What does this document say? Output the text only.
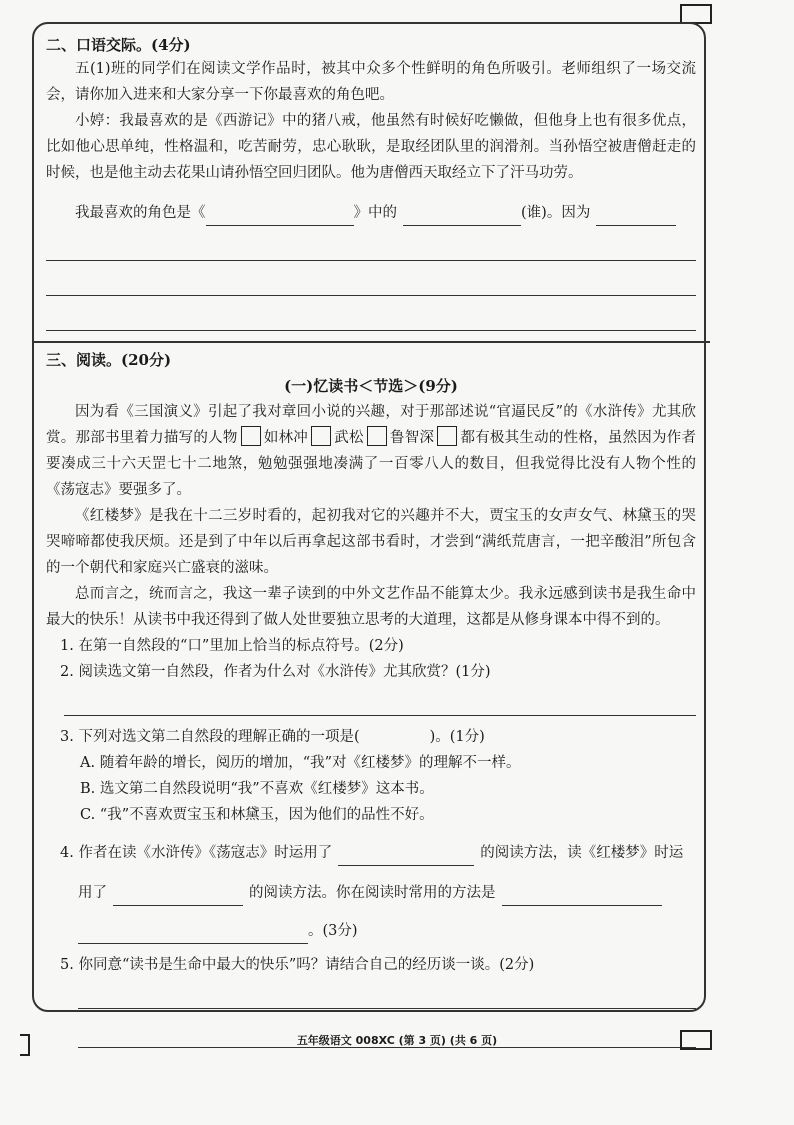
二、口语交际。(4分)

五(1)班的同学们在阅读文学作品时，被其中众多个性鲜明的角色所吸引。老师组织了一场交流会，请你加入进来和大家分享一下你最喜欢的角色吧。

小婷：我最喜欢的是《西游记》中的猪八戒，他虽然有时候好吃懒做，但他身上也有很多优点，比如他心思单纯，性格温和，吃苦耐劳，忠心耿耿，是取经团队里的润滑剂。当孙悟空被唐僧赶走的时候，也是他主动去花果山请孙悟空回归团队。他为唐僧西天取经立下了汗马功劳。

我最喜欢的角色是《	》中的	(谁)。因为

三、阅读。(20分)

(一)忆读书＜节选＞(9分)

因为看《三国演义》引起了我对章回小说的兴趣，对于那部述说“官逼民反”的《水浒传》尤其欣赏。那部书里着力描写的人物 如林冲 武松 鲁智深 都有极其生动的性格，虽然因为作者要凑成三十六天罡七十二地煞，勉勉强强地凑满了一百零八人的数目，但我觉得比没有人物个性的《荡寇志》要强多了。

《红楼梦》是我在十二三岁时看的，起初我对它的兴趣并不大，贾宝玉的女声女气、林黛玉的哭哭啼啼都使我厌烦。还是到了中年以后再拿起这部书看时，才尝到“满纸荒唐言，一把辛酸泪”所包含的一个朝代和家庭兴亡盛衰的滋味。

总而言之，统而言之，我这一辈子读到的中外文艺作品不能算太少。我永远感到读书是我生命中最大的快乐！从读书中我还得到了做人处世要独立思考的大道理，这都是从修身课本中得不到的。

1. 在第一自然段的“口”里加上恰当的标点符号。(2分)

2. 阅读选文第一自然段，作者为什么对《水浒传》尤其欣赏？(1分)

3. 下列对选文第二自然段的理解正确的一项是(	)。(1分)

A. 随着年龄的增长，阅历的增加，“我”对《红楼梦》的理解不一样。

B. 选文第二自然段说明“我”不喜欢《红楼梦》这本书。

C. “我”不喜欢贾宝玉和林黛玉，因为他们的品性不好。

4. 作者在读《水浒传》《荡寇志》时运用了	的阅读方法，读《红楼梦》时运

用了	的阅读方法。你在阅读时常用的方法是

。(3分)

5. 你同意“读书是生命中最大的快乐”吗？请结合自己的经历谈一谈。(2分)

五年级语文 008XC (第 3 页) (共 6 页)
